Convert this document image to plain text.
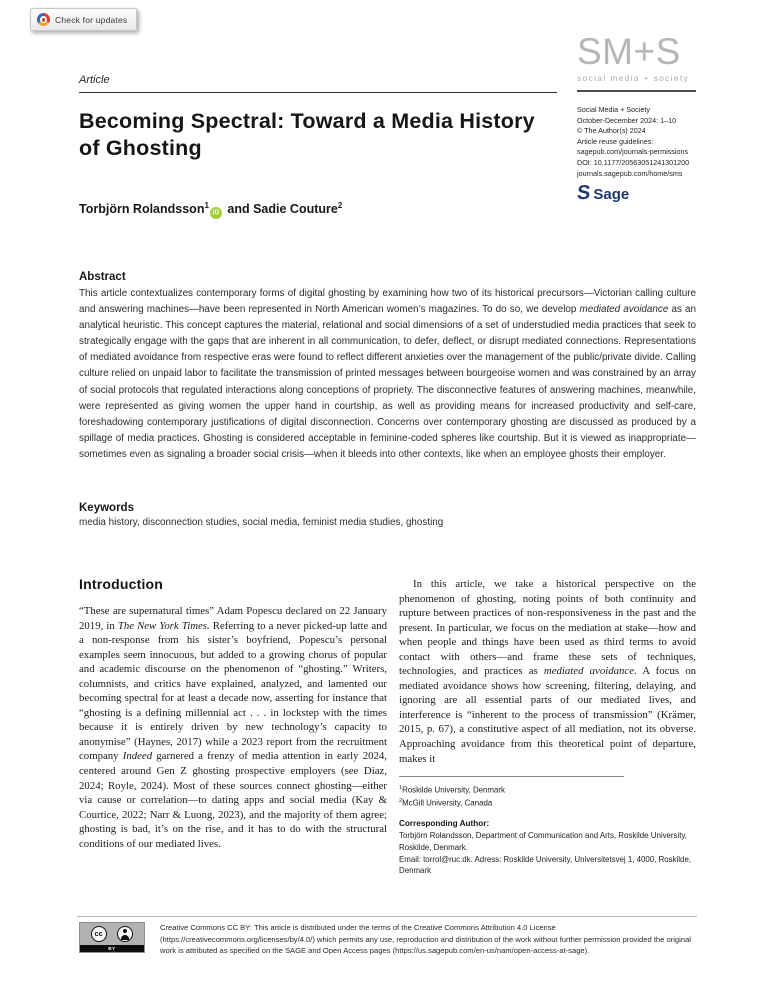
Check for updates
Article
SM+S
social media + society
Becoming Spectral: Toward a Media History of Ghosting
Social Media + Society
October-December 2024: 1–10
© The Author(s) 2024
Article reuse guidelines:
sagepub.com/journals-permissions
DOI: 10.1177/20563051241301200
journals.sagepub.com/home/sms
S Sage
Torbjörn Rolandsson$^1$iD and Sadie Couture$^2$
Abstract

This article contextualizes contemporary forms of digital ghosting by examining how two of its historical precursors—Victorian calling culture and answering machines—have been represented in North American women’s magazines. To do so, we develop mediated avoidance as an analytical heuristic. This concept captures the material, relational and social dimensions of a set of understudied media practices that seek to strategically engage with the gaps that are inherent in all communication, to defer, deflect, or disrupt mediated connections. Representations of mediated avoidance from respective eras were found to reflect different anxieties over the management of the public/private divide. Calling culture relied on unpaid labor to facilitate the transmission of printed messages between bourgeoise women and was constrained by an array of social protocols that regulated interactions along conceptions of propriety. The disconnective features of answering machines, meanwhile, were represented as giving women the upper hand in courtship, as well as providing means for increased productivity and self-care, foreshadowing contemporary justifications of digital disconnection. Concerns over contemporary ghosting are discussed as produced by a spillage of media practices. Ghosting is considered acceptable in feminine-coded spheres like courtship. But it is viewed as inappropriate—sometimes even as signaling a broader social crisis—when it bleeds into other contexts, like when an employee ghosts their employer.

Keywords

media history, disconnection studies, social media, feminist media studies, ghosting

Introduction

“These are supernatural times” Adam Popescu declared on 22 January 2019, in The New York Times. Referring to a never picked-up latte and a non-response from his sister’s boyfriend, Popescu’s personal examples seem innocuous, but added to a growing chorus of popular and academic discourse on the phenomenon of “ghosting.” Writers, columnists, and critics have explained, analyzed, and lamented our becoming spectral for at least a decade now, asserting for instance that “ghosting is a defining millennial act . . . in lockstep with the times because it is entirely driven by new technology’s capacity to anonymise” (Haynes, 2017) while a 2023 report from the recruitment company Indeed garnered a frenzy of media attention in early 2024, centered around Gen Z ghosting prospective employers (see Diaz, 2024; Royle, 2024). Most of these sources connect ghosting—either via cause or correlation—to dating apps and social media (Kay & Courtice, 2022; Narr & Luong, 2023), and the majority of them agree; ghosting is bad, it’s on the rise, and it has to do with the structural conditions of our mediated lives.

In this article, we take a historical perspective on the phenomenon of ghosting, noting points of both continuity and rupture between practices of non-responsiveness in the past and the present. In particular, we focus on the mediation at stake—how and when people and things have been used as third terms to avoid contact with others—and frame these sets of techniques, technologies, and practices as mediated avoidance. A focus on mediated avoidance shows how screening, filtering, delaying, and ignoring are all essential parts of our mediated lives, and interference is “inherent to the process of transmission” (Krämer, 2015, p. 67), a constitutive aspect of all mediation, not its obverse. Approaching avoidance from this theoretical point of departure, makes it

$^1$Roskilde University, Denmark
$^2$McGill University, Canada
Corresponding Author:
Torbjörn Rolandsson, Department of Communication and Arts, Roskilde University, Roskilde, Denmark.
Email: torrol@ruc.dk. Adress: Roskilde University, Universitetsvej 1, 4000, Roskilde, Denmark
cc
BY
Creative Commons CC BY: This article is distributed under the terms of the Creative Commons Attribution 4.0 License (https://creativecommons.org/licenses/by/4.0/) which permits any use, reproduction and distribution of the work without further permission provided the original work is attributed as specified on the SAGE and Open Access pages (https://us.sagepub.com/en-us/nam/open-access-at-sage).
